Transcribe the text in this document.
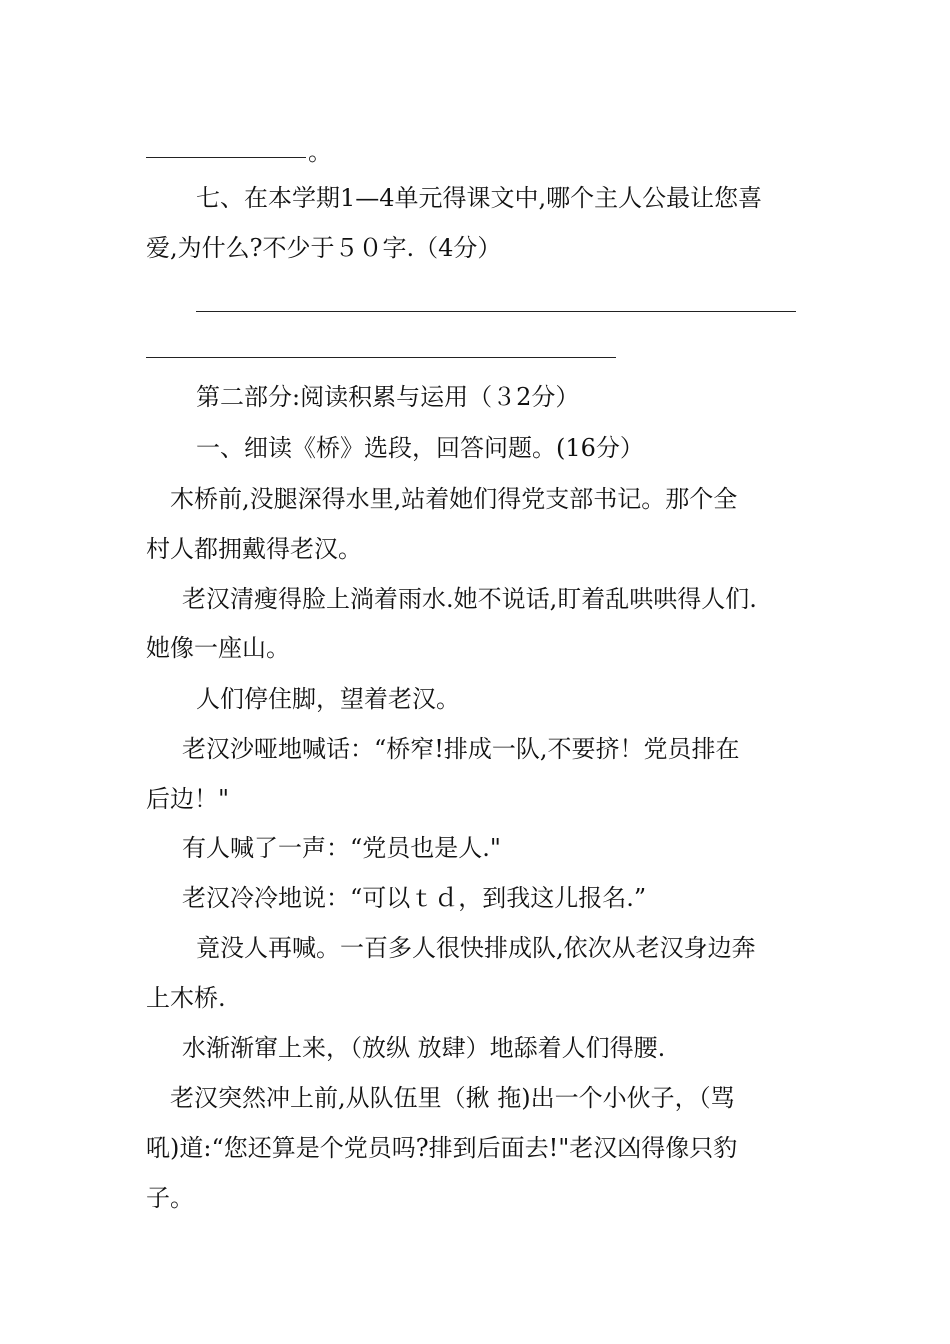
。
七、在本学期1—4单元得课文中,哪个主人公最让您喜
爱,为什么?不少于５０字.（4分）
第二部分:阅读积累与运用（３2分）
一、细读《桥》选段，回答问题。(16分）
木桥前,没腿深得水里,站着她们得党支部书记。那个全
村人都拥戴得老汉。
老汉清瘦得脸上淌着雨水.她不说话,盯着乱哄哄得人们.
她像一座山。
人们停住脚，望着老汉。
老汉沙哑地喊话：“桥窄!排成一队,不要挤！党员排在
后边！"
有人喊了一声：“党员也是人."
老汉冷冷地说：“可以ｔｄ，到我这儿报名.”
竟没人再喊。一百多人很快排成队,依次从老汉身边奔
上木桥.
水渐渐窜上来，（放纵 放肆）地舔着人们得腰.
老汉突然冲上前,从队伍里（揪 拖)出一个小伙子，（骂
吼)道:“您还算是个党员吗?排到后面去!"老汉凶得像只豹
子。
